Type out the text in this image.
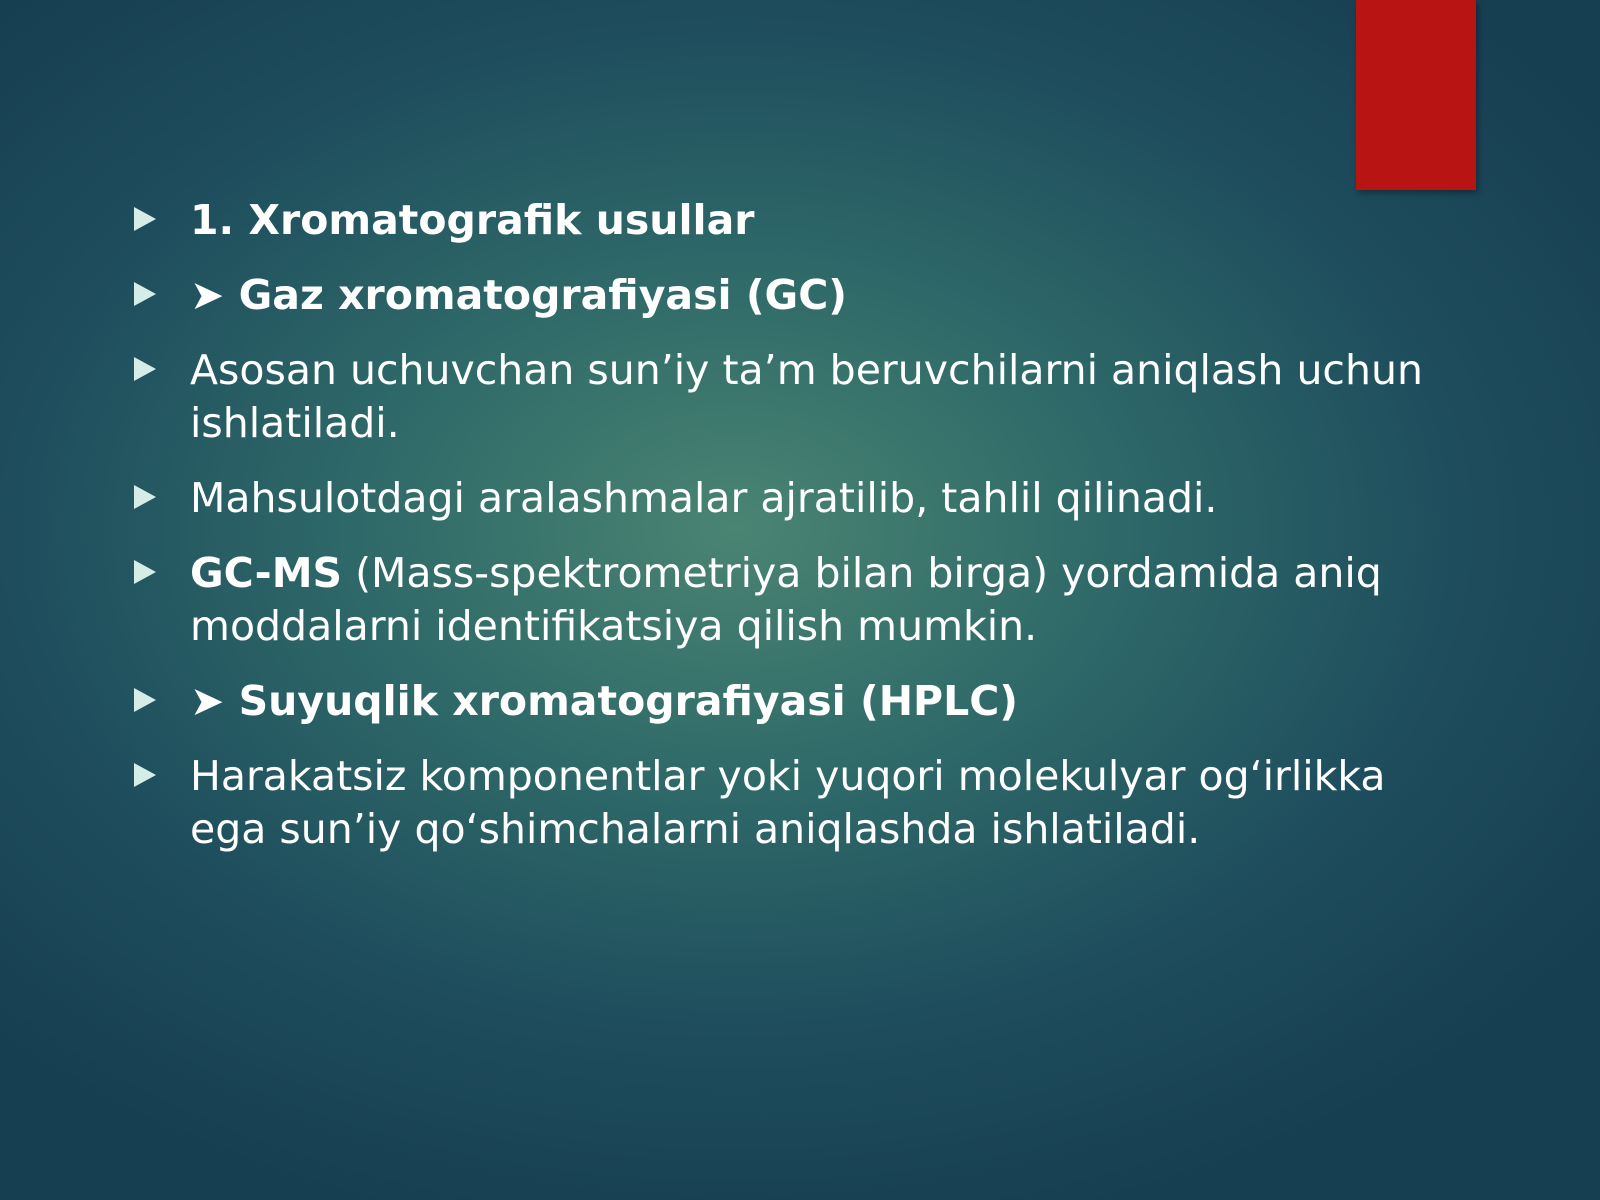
1. Xromatografik usullar
➤ Gaz xromatografiyasi (GC)
Asosan uchuvchan sun’iy ta’m beruvchilarni aniqlash uchun ishlatiladi.
Mahsulotdagi aralashmalar ajratilib, tahlil qilinadi.
GC-MS (Mass-spektrometriya bilan birga) yordamida aniq moddalarni identifikatsiya qilish mumkin.
➤ Suyuqlik xromatografiyasi (HPLC)
Harakatsiz komponentlar yoki yuqori molekulyar og‘irlikka ega sun’iy qo‘shimchalarni aniqlashda ishlatiladi.
